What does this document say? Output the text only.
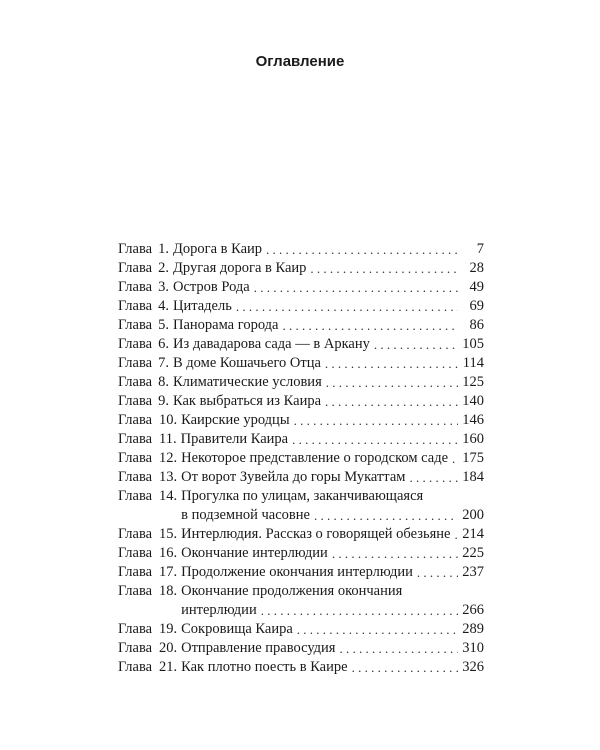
Оглавление
Глава 1. Дорога в Каир . . .	7
Глава 2. Другая дорога в Каир . . .	28
Глава 3. Остров Рода . . .	49
Глава 4. Цитадель . . .	69
Глава 5. Панорама города . . .	86
Глава 6. Из давадарова сада — в Аркану . . .	105
Глава 7. В доме Кошачьего Отца . . .	114
Глава 8. Климатические условия . . .	125
Глава 9. Как выбраться из Каира . . .	140
Глава 10. Каирские уродцы . . .	146
Глава 11. Правители Каира . . .	160
Глава 12. Некоторое представление о городском саде . . . 175
Глава 13. От ворот Зувейла до горы Мукаттам . . .	184
Глава 14. Прогулка по улицам, заканчивающаяся
в подземной часовне . . .	200
Глава 15. Интерлюдия. Рассказ о говорящей обезьяне . . . 214
Глава 16. Окончание интерлюдии . . .	225
Глава 17. Продолжение окончания интерлюдии . . .	237
Глава 18. Окончание продолжения окончания
интерлюдии . . .	266
Глава 19. Сокровища Каира . . .	289
Глава 20. Отправление правосудия . . .	310
Глава 21. Как плотно поесть в Каире . . .	326
